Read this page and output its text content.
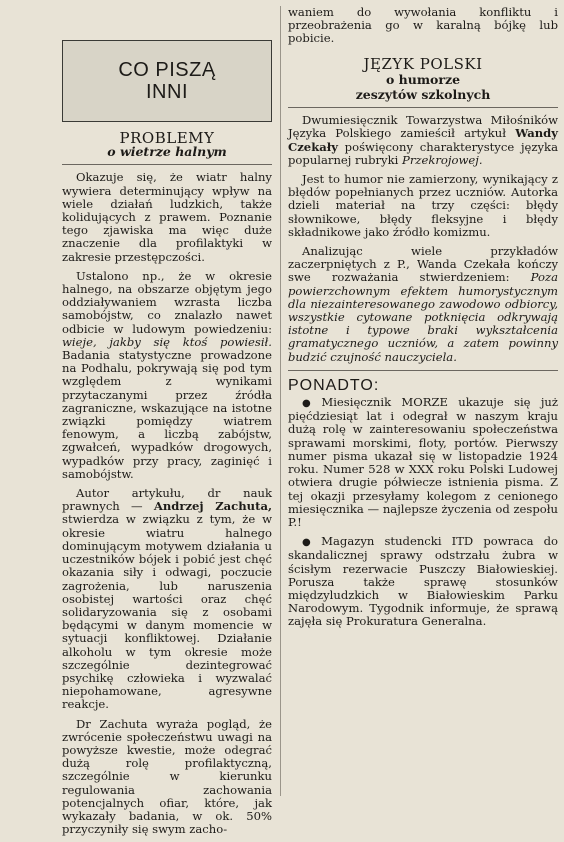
CO PISZĄ
INNI
PROBLEMY
o wietrze halnym

Okazuje się, że wiatr halny wywiera determinujący wpływ na wiele działań ludzkich, także kolidujących z prawem. Poznanie tego zjawiska ma więc duże znaczenie dla profilaktyki w zakresie przestępczości.

Ustalono np., że w okresie halnego, na obszarze objętym jego oddziaływaniem wzrasta liczba samobójstw, co znalazło nawet odbicie w ludowym powiedzeniu: wieje, jakby się ktoś powiesił. Badania statystyczne prowadzone na Podhalu, pokrywają się pod tym względem z wynikami przytaczanymi przez źródła zagraniczne, wskazujące na istotne związki pomiędzy wiatrem fenowym, a liczbą zabójstw, zgwałceń, wypadków drogowych, wypadków przy pracy, zaginięć i samobójstw.

Autor artykułu, dr nauk prawnych — Andrzej Zachuta, stwierdza w związku z tym, że w okresie wiatru halnego dominującym motywem działania u uczestników bójek i pobić jest chęć okazania siły i odwagi, poczucie zagrożenia, lub naruszenia osobistej wartości oraz chęć solidaryzowania się z osobami będącymi w danym momencie w sytuacji konfliktowej. Działanie alkoholu w tym okresie może szczególnie dezintegrować psychikę człowieka i wyzwalać niepohamowane, agresywne reakcje.

Dr Zachuta wyraża pogląd, że zwrócenie społeczeństwu uwagi na powyższe kwestie, może odegrać dużą rolę profilaktyczną, szczególnie w kierunku regulowania zachowania potencjalnych ofiar, które, jak wykazały badania, w ok. 50% przyczyniły się swym zacho-

waniem do wywołania konfliktu i przeobrażenia go w karalną bójkę lub pobicie.

JĘZYK POLSKI
o humorze
zeszytów szkolnych

Dwumiesięcznik Towarzystwa Miłośników Języka Polskiego zamieścił artykuł Wandy Czekały poświęcony charakterystyce języka popularnej rubryki Przekrojowej.

Jest to humor nie zamierzony, wynikający z błędów popełnianych przez uczniów. Autorka dzieli materiał na trzy części: błędy słownikowe, błędy fleksyjne i błędy składnikowe jako źródło komizmu.

Analizując wiele przykładów zaczerpniętych z P., Wanda Czekała kończy swe rozważania stwierdzeniem: Poza powierzchownym efektem humorystycznym dla niezainteresowanego zawodowo odbiorcy, wszystkie cytowane potknięcia odkrywają istotne i typowe braki wykształcenia gramatycznego uczniów, a zatem powinny budzić czujność nauczyciela.

PONADTO:

● Miesięcznik MORZE ukazuje się już pięćdziesiąt lat i odegrał w naszym kraju dużą rolę w zainteresowaniu społeczeństwa sprawami morskimi, floty, portów. Pierwszy numer pisma ukazał się w listopadzie 1924 roku. Numer 528 w XXX roku Polski Ludowej otwiera drugie półwiecze istnienia pisma. Z tej okazji przesyłamy kolegom z cenionego miesięcznika — najlepsze życzenia od zespołu P.!

● Magazyn studencki ITD powraca do skandalicznej sprawy odstrzału żubra w ścisłym rezerwacie Puszczy Białowieskiej. Porusza także sprawę stosunków międzyludzkich w Białowieskim Parku Narodowym. Tygodnik informuje, że sprawą zajęła się Prokuratura Generalna.
